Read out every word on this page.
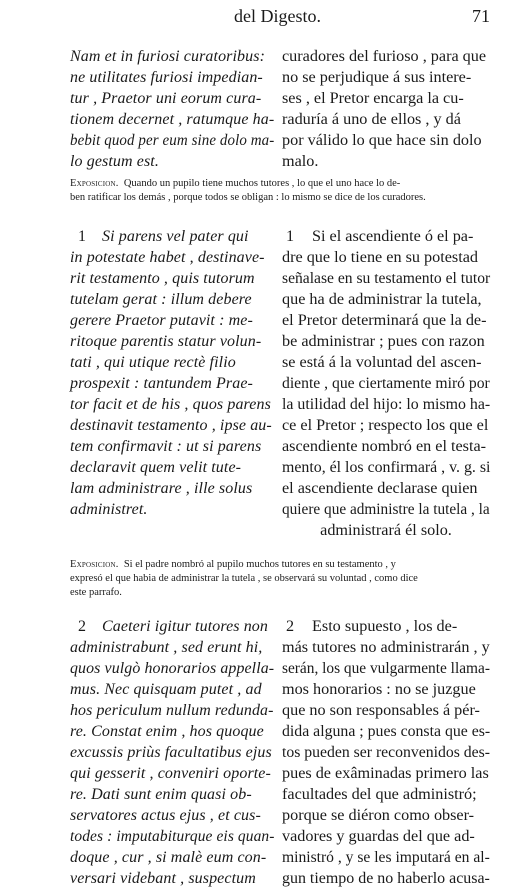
del Digesto.	71
Nam et in furiosi curatoribus:
ne utilitates furiosi impedian-
tur , Praetor uni eorum cura-
tionem decernet , ratumque ha-
bebit quod per eum sine dolo ma-
lo gestum est.
curadores del furioso , para que
no se perjudique á sus intere-
ses , el Pretor encarga la cu-
raduría á uno de ellos , y dá
por válido lo que hace sin dolo
malo.
Exposicion. Quando un pupilo tiene muchos tutores , lo que el uno hace lo de-
ben ratificar los demás , porque todos se obligan : lo mismo se dice de los curadores.
1 Si parens vel pater qui
in potestate habet , destinave-
rit testamento , quis tutorum
tutelam gerat : illum debere
gerere Praetor putavit : me-
ritoque parentis statur volun-
tati , qui utique rectè filio
prospexit : tantundem Prae-
tor facit et de his , quos parens
destinavit testamento , ipse au-
tem confirmavit : ut si parens
declaravit quem velit tute-
lam administrare , ille solus
administret.
1 Si el ascendiente ó el pa-
dre que lo tiene en su potestad
señalase en su testamento el tutor
que ha de administrar la tutela,
el Pretor determinará que la de-
be administrar ; pues con razon
se está á la voluntad del ascen-
diente , que ciertamente miró por
la utilidad del hijo: lo mismo ha-
ce el Pretor ; respecto los que el
ascendiente nombró en el testa-
mento, él los confirmará , v. g. si
el ascendiente declarase quien
quiere que administre la tutela , la
administrará él solo.
Exposicion. Si el padre nombró al pupilo muchos tutores en su testamento , y
expresó el que habia de administrar la tutela , se observará su voluntad , como dice
este parrafo.
2 Caeteri igitur tutores non
administrabunt , sed erunt hi,
quos vulgò honorarios appella-
mus. Nec quisquam putet , ad
hos periculum nullum redunda-
re. Constat enim , hos quoque
excussis priùs facultatibus ejus
qui gesserit , conveniri oporte-
re. Dati sunt enim quasi ob-
servatores actus ejus , et cus-
todes : imputabiturque eis quan-
doque , cur , si malè eum con-
versari videbant , suspectum
2 Esto supuesto , los de-
más tutores no administrarán , y
serán, los que vulgarmente llama-
mos honorarios : no se juzgue
que no son responsables á pér-
dida alguna ; pues consta que es-
tos pueden ser reconvenidos des-
pues de exâminadas primero las
facultades del que administró;
porque se diéron como obser-
vadores y guardas del que ad-
ministró , y se les imputará en al-
gun tiempo de no haberlo acusa-
